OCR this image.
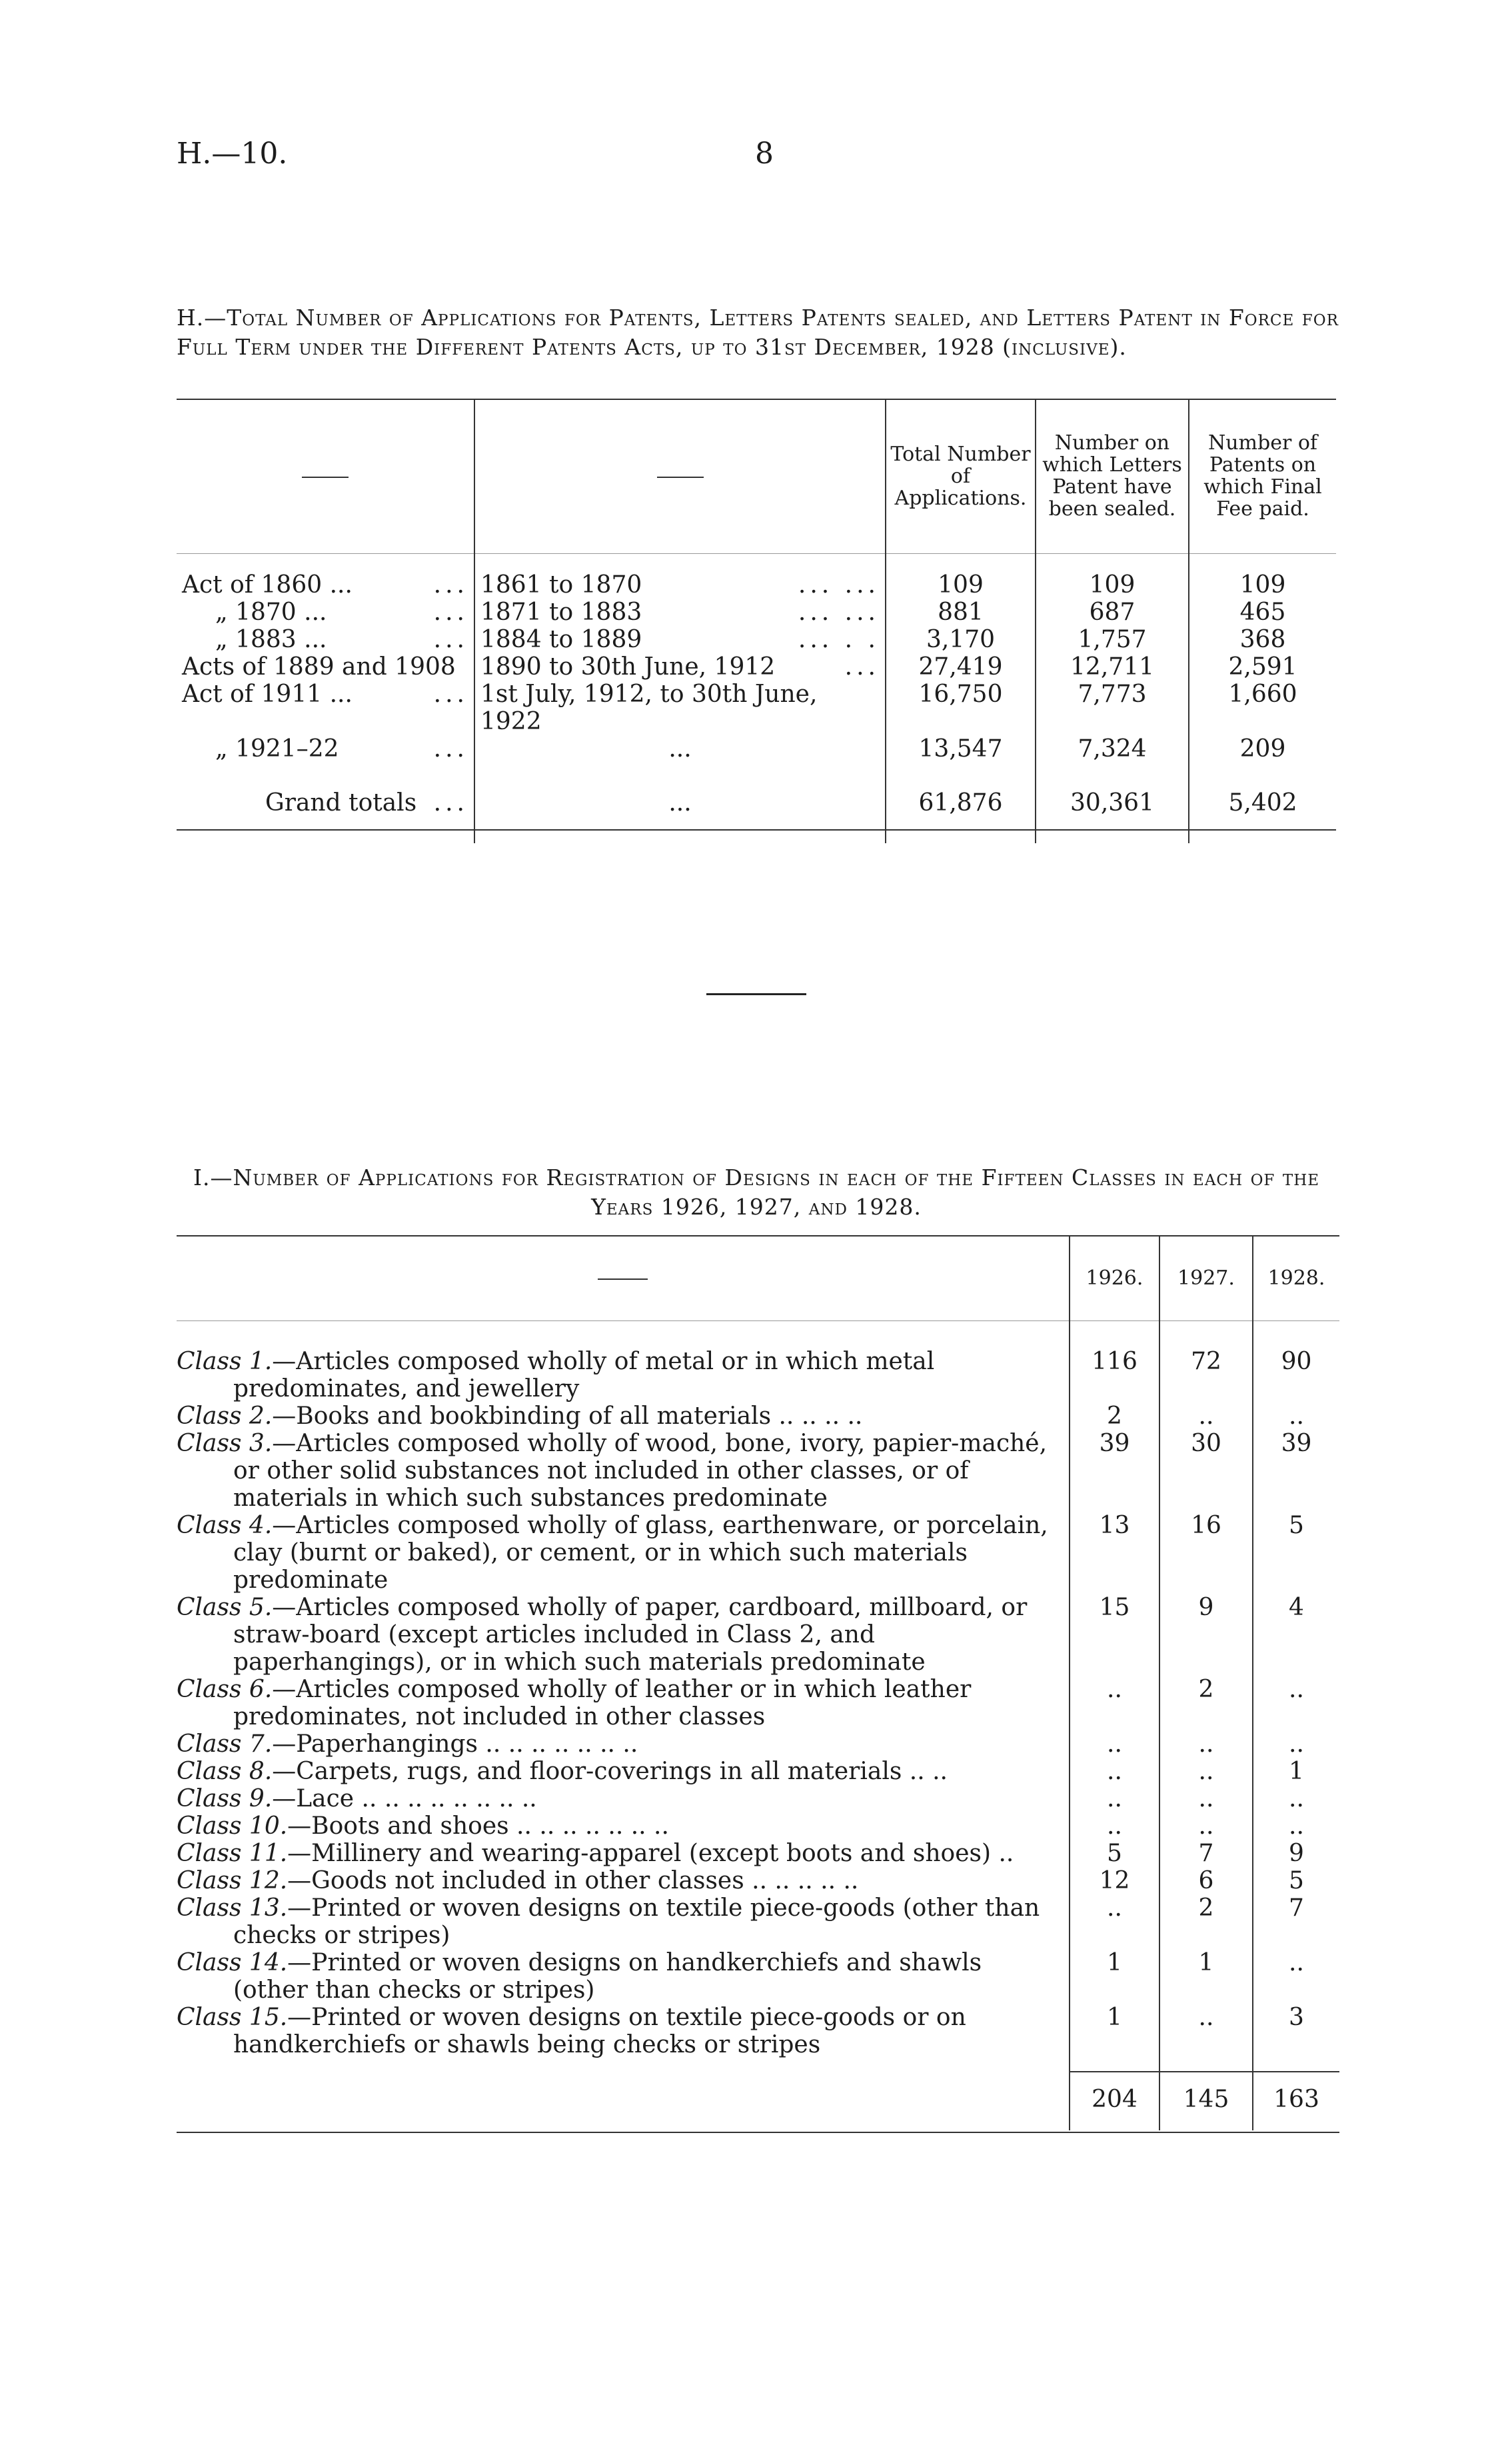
H.—10.	8
H.—Total Number of Applications for Patents, Letters Patents sealed, and Letters Patent in Force for Full Term under the Different Patents Acts, up to 31st December, 1928 (inclusive).
		Total Number of Applications.	Number on which Letters Patent have been sealed.	Number of Patents on which Final Fee paid.

Act of 1860 ... ...	1861 to 1870 ... ...	109	109	109
„ 1870 ... ...	1871 to 1883 ... ...	881	687	465
„ 1883 ... ...	1884 to 1889 ... . .	3,170	1,757	368
Acts of 1889 and 1908	1890 to 30th June, 1912 ...	27,419	12,711	2,591
Act of 1911 ... ...	1st July, 1912, to 30th June, 1922	16,750	7,773	1,660
„ 1921–22 ...	...	13,547	7,324	209

Grand totals ...	...	61,876	30,361	5,402
I.—Number of Applications for Registration of Designs in each of the Fifteen Classes in each of the Years 1926, 1927, and 1928.
	1926.	1927.	1928.

Class 1.—Articles composed wholly of metal or in which metal predominates, and jewellery	116	72	90
Class 2.—Books and bookbinding of all materials .. .. .. ..	2	..	..
Class 3.—Articles composed wholly of wood, bone, ivory, papier-maché, or other solid substances not included in other classes, or of materials in which such substances predominate	39	30	39
Class 4.—Articles composed wholly of glass, earthenware, or porcelain, clay (burnt or baked), or cement, or in which such materials predominate	13	16	5
Class 5.—Articles composed wholly of paper, cardboard, millboard, or straw-board (except articles included in Class 2, and paperhangings), or in which such materials predominate	15	9	4
Class 6.—Articles composed wholly of leather or in which leather predominates, not included in other classes	..	2	..
Class 7.—Paperhangings .. .. .. .. .. .. ..	..	..	..
Class 8.—Carpets, rugs, and floor-coverings in all materials .. ..	..	..	1
Class 9.—Lace .. .. .. .. .. .. .. ..	..	..	..
Class 10.—Boots and shoes .. .. .. .. .. .. ..	..	..	..
Class 11.—Millinery and wearing-apparel (except boots and shoes) ..	5	7	9
Class 12.—Goods not included in other classes .. .. .. .. ..	12	6	5
Class 13.—Printed or woven designs on textile piece-goods (other than checks or stripes)	..	2	7
Class 14.—Printed or woven designs on handkerchiefs and shawls (other than checks or stripes)	1	1	..
Class 15.—Printed or woven designs on textile piece-goods or on handkerchiefs or shawls being checks or stripes	1	..	3

	204	145	163
